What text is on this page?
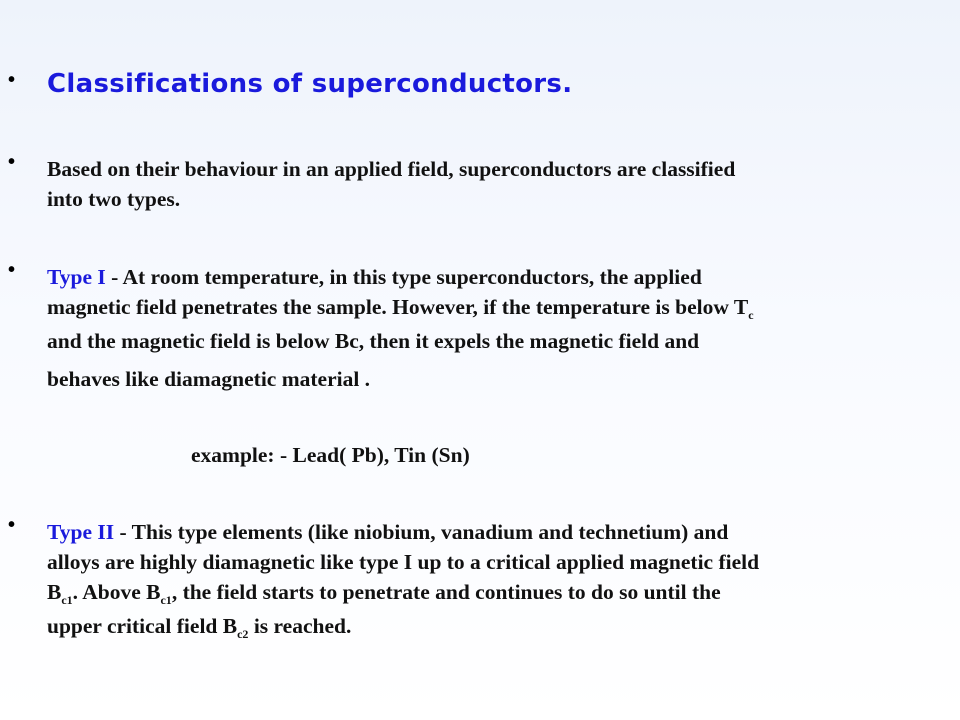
• Classifications of superconductors.
• Based on their behaviour in an applied field, superconductors are classified
into two types.
• Type I - At room temperature, in this type superconductors, the applied
magnetic field penetrates the sample. However, if the temperature is below $T_c$
and the magnetic field is below Bc, then it expels the magnetic field and
behaves like diamagnetic material .
example: - Lead( Pb), Tin (Sn)
• Type II - This type elements (like niobium, vanadium and technetium) and
alloys are highly diamagnetic like type I up to a critical applied magnetic field
$B_{c1}$. Above $B_{c1}$, the field starts to penetrate and continues to do so until the
upper critical field $B_{c2}$ is reached.
